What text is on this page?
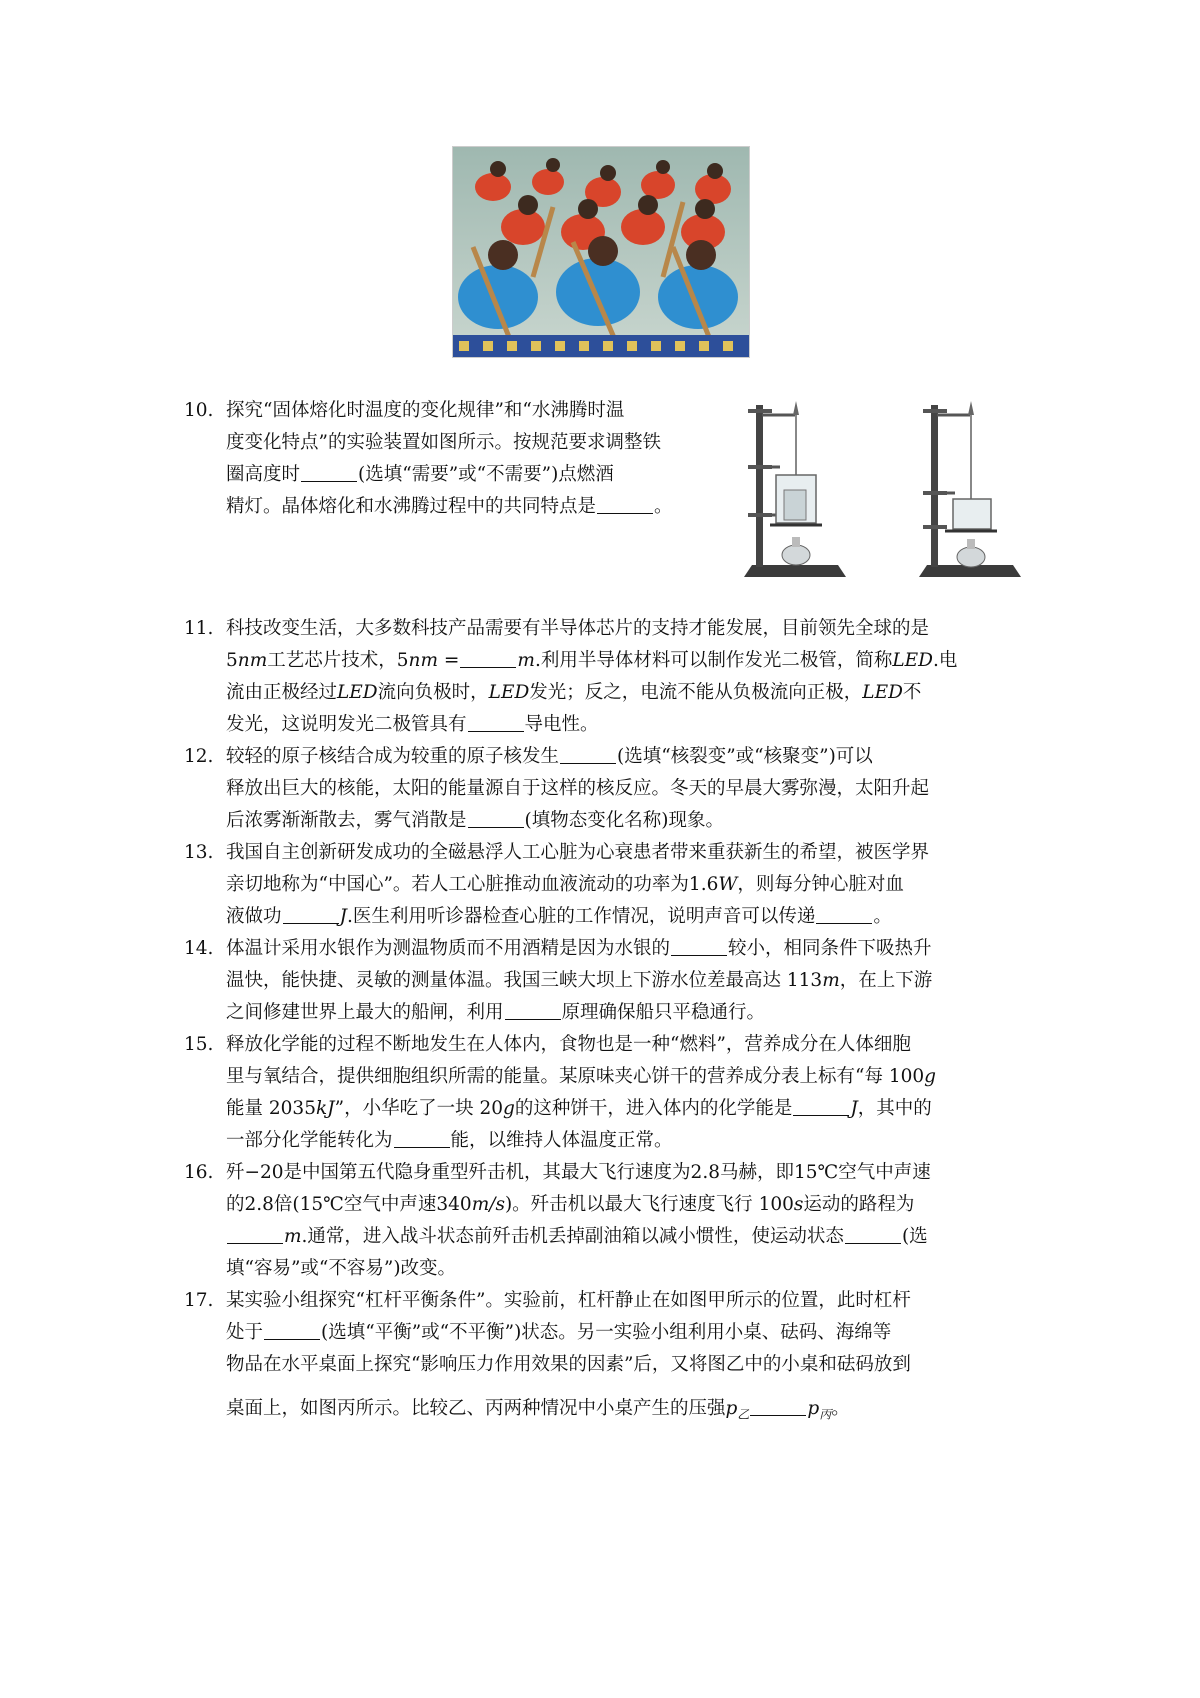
10. 探究“固体熔化时温度的变化规律”和“水沸腾时温

度变化特点”的实验装置如图所示。按规范要求调整铁

圈高度时	(选填“需要”或“不需要”)点燃酒

精灯。晶体熔化和水沸腾过程中的共同特点是	。

11. 科技改变生活，大多数科技产品需要有半导体芯片的支持才能发展，目前领先全球的是

5nm工艺芯片技术，5nm =	m.利用半导体材料可以制作发光二极管，简称LED.电

流由正极经过LED流向负极时，LED发光；反之，电流不能从负极流向正极，LED不

发光，这说明发光二极管具有	导电性。

12. 较轻的原子核结合成为较重的原子核发生	(选填“核裂变”或“核聚变”)可以

释放出巨大的核能，太阳的能量源自于这样的核反应。冬天的早晨大雾弥漫，太阳升起

后浓雾渐渐散去，雾气消散是	(填物态变化名称)现象。

13. 我国自主创新研发成功的全磁悬浮人工心脏为心衰患者带来重获新生的希望，被医学界

亲切地称为“中国心”。若人工心脏推动血液流动的功率为1.6W，则每分钟心脏对血

液做功	J.医生利用听诊器检查心脏的工作情况，说明声音可以传递	。

14. 体温计采用水银作为测温物质而不用酒精是因为水银的	较小，相同条件下吸热升

温快，能快捷、灵敏的测量体温。我国三峡大坝上下游水位差最高达 113m，在上下游

之间修建世界上最大的船闸，利用	原理确保船只平稳通行。

15. 释放化学能的过程不断地发生在人体内，食物也是一种“燃料”，营养成分在人体细胞

里与氧结合，提供细胞组织所需的能量。某原味夹心饼干的营养成分表上标有“每 100g

能量 2035kJ”，小华吃了一块 20g的这种饼干，进入体内的化学能是	J，其中的

一部分化学能转化为	能，以维持人体温度正常。

16. 歼−20是中国第五代隐身重型歼击机，其最大飞行速度为2.8马赫，即15℃空气中声速

的2.8倍(15℃空气中声速340m/s)。歼击机以最大飞行速度飞行 100s运动的路程为

m.通常，进入战斗状态前歼击机丢掉副油箱以减小惯性，使运动状态	(选

填“容易”或“不容易”)改变。

17. 某实验小组探究“杠杆平衡条件”。实验前，杠杆静止在如图甲所示的位置，此时杠杆

处于	(选填“平衡”或“不平衡”)状态。另一实验小组利用小桌、砝码、海绵等

物品在水平桌面上探究“影响压力作用效果的因素”后，又将图乙中的小桌和砝码放到

桌面上，如图丙所示。比较乙、丙两种情况中小桌产生的压强$p_乙$	$p_丙$。
